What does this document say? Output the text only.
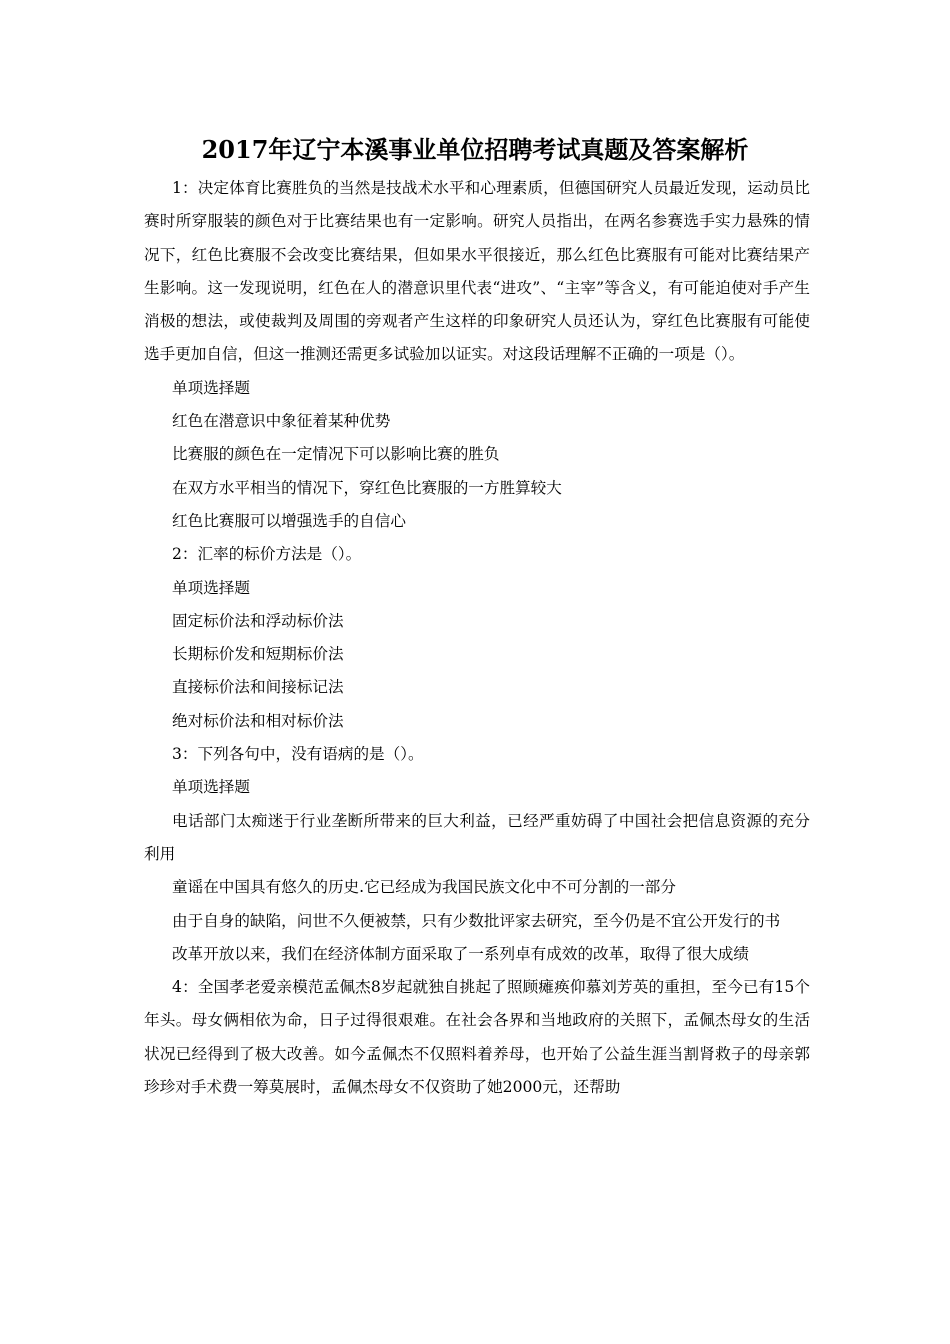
2017年辽宁本溪事业单位招聘考试真题及答案解析

1：决定体育比赛胜负的当然是技战术水平和心理素质，但德国研究人员最近发现，运动员比赛时所穿服装的颜色对于比赛结果也有一定影响。研究人员指出，在两名参赛选手实力悬殊的情况下，红色比赛服不会改变比赛结果，但如果水平很接近，那么红色比赛服有可能对比赛结果产生影响。这一发现说明，红色在人的潜意识里代表“进攻”、“主宰”等含义，有可能迫使对手产生消极的想法，或使裁判及周围的旁观者产生这样的印象研究人员还认为，穿红色比赛服有可能使选手更加自信，但这一推测还需更多试验加以证实。对这段话理解不正确的一项是（）。

单项选择题

红色在潜意识中象征着某种优势

比赛服的颜色在一定情况下可以影响比赛的胜负

在双方水平相当的情况下，穿红色比赛服的一方胜算较大

红色比赛服可以增强选手的自信心

2：汇率的标价方法是（）。

单项选择题

固定标价法和浮动标价法

长期标价发和短期标价法

直接标价法和间接标记法

绝对标价法和相对标价法

3：下列各句中，没有语病的是（）。

单项选择题

电话部门太痴迷于行业垄断所带来的巨大利益，已经严重妨碍了中国社会把信息资源的充分利用

童谣在中国具有悠久的历史.它已经成为我国民族文化中不可分割的一部分

由于自身的缺陷，问世不久便被禁，只有少数批评家去研究，至今仍是不宜公开发行的书

改革开放以来，我们在经济体制方面采取了一系列卓有成效的改革，取得了很大成绩

4：全国孝老爱亲模范孟佩杰8岁起就独自挑起了照顾瘫痪仰慕刘芳英的重担，至今已有15个年头。母女俩相依为命，日子过得很艰难。在社会各界和当地政府的关照下，孟佩杰母女的生活状况已经得到了极大改善。如今孟佩杰不仅照料着养母，也开始了公益生涯当割肾救子的母亲郭珍珍对手术费一筹莫展时，孟佩杰母女不仅资助了她2000元，还帮助
